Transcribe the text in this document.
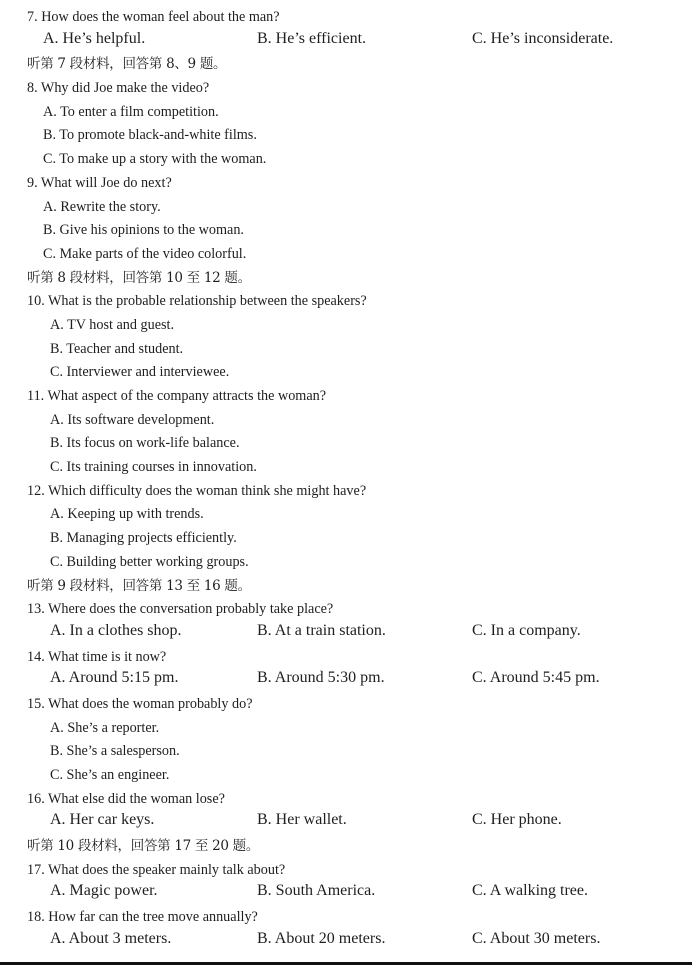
7. How does the woman feel about the man?
A. He’s helpful.	B. He’s efficient.	C. He’s inconsiderate.
听第 7 段材料，回答第 8、9 题。
8. Why did Joe make the video?
A. To enter a film competition.
B. To promote black-and-white films.
C. To make up a story with the woman.
9. What will Joe do next?
A. Rewrite the story.
B. Give his opinions to the woman.
C. Make parts of the video colorful.
听第 8 段材料，回答第 10 至 12 题。
10. What is the probable relationship between the speakers?
A. TV host and guest.
B. Teacher and student.
C. Interviewer and interviewee.
11. What aspect of the company attracts the woman?
A. Its software development.
B. Its focus on work-life balance.
C. Its training courses in innovation.
12. Which difficulty does the woman think she might have?
A. Keeping up with trends.
B. Managing projects efficiently.
C. Building better working groups.
听第 9 段材料，回答第 13 至 16 题。
13. Where does the conversation probably take place?
A. In a clothes shop.	B. At a train station.	C. In a company.
14. What time is it now?
A. Around 5:15 pm.	B. Around 5:30 pm.	C. Around 5:45 pm.
15. What does the woman probably do?
A. She’s a reporter.
B. She’s a salesperson.
C. She’s an engineer.
16. What else did the woman lose?
A. Her car keys.	B. Her wallet.	C. Her phone.
听第 10 段材料，回答第 17 至 20 题。
17. What does the speaker mainly talk about?
A. Magic power.	B. South America.	C. A walking tree.
18. How far can the tree move annually?
A. About 3 meters.	B. About 20 meters.	C. About 30 meters.
